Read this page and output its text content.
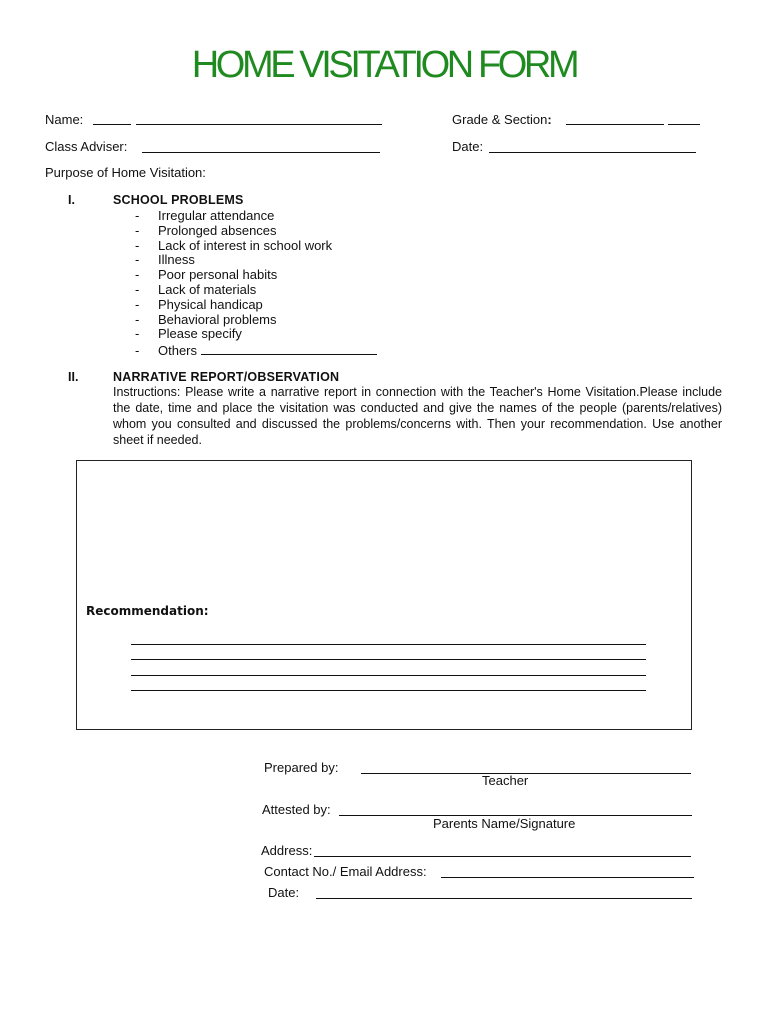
HOME VISITATION FORM
Name:	Grade & Section:
Class Adviser:	Date:
Purpose of Home Visitation:
I.	SCHOOL PROBLEMS
- Irregular attendance
- Prolonged absences
- Lack of interest in school work
- Illness
- Poor personal habits
- Lack of materials
- Physical handicap
- Behavioral problems
- Please specify
- Others
II.	NARRATIVE REPORT/OBSERVATION
Instructions: Please write a narrative report in connection with the Teacher's Home Visitation.Please include the date, time and place the visitation was conducted and give the names of the people (parents/relatives) whom you consulted and discussed the problems/concerns with. Then your recommendation. Use another sheet if needed.
Recommendation:
Prepared by:
Teacher
Attested by:
Parents Name/Signature
Address:
Contact No./ Email Address:
Date:
